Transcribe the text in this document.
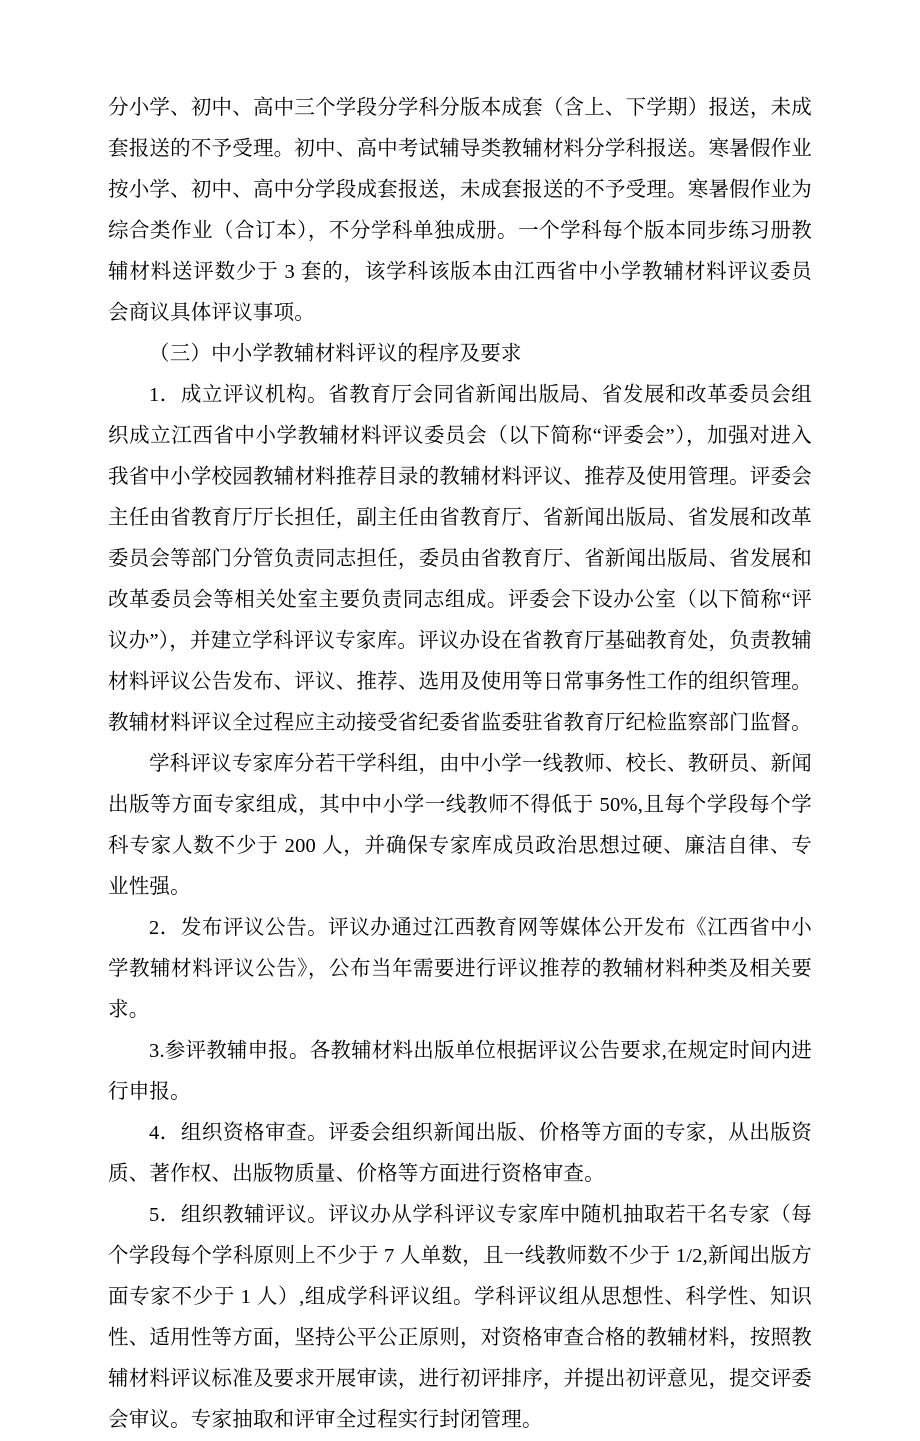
分小学、初中、高中三个学段分学科分版本成套（含上、下学期）报送，未成套报送的不予受理。初中、高中考试辅导类教辅材料分学科报送。寒暑假作业按小学、初中、高中分学段成套报送，未成套报送的不予受理。寒暑假作业为综合类作业（合订本），不分学科单独成册。一个学科每个版本同步练习册教辅材料送评数少于 3 套的，该学科该版本由江西省中小学教辅材料评议委员会商议具体评议事项。

（三）中小学教辅材料评议的程序及要求

1．成立评议机构。省教育厅会同省新闻出版局、省发展和改革委员会组织成立江西省中小学教辅材料评议委员会（以下简称“评委会”），加强对进入我省中小学校园教辅材料推荐目录的教辅材料评议、推荐及使用管理。评委会主任由省教育厅厅长担任，副主任由省教育厅、省新闻出版局、省发展和改革委员会等部门分管负责同志担任，委员由省教育厅、省新闻出版局、省发展和改革委员会等相关处室主要负责同志组成。评委会下设办公室（以下简称“评议办”），并建立学科评议专家库。评议办设在省教育厅基础教育处，负责教辅材料评议公告发布、评议、推荐、选用及使用等日常事务性工作的组织管理。教辅材料评议全过程应主动接受省纪委省监委驻省教育厅纪检监察部门监督。

学科评议专家库分若干学科组，由中小学一线教师、校长、教研员、新闻出版等方面专家组成，其中中小学一线教师不得低于 50%,且每个学段每个学科专家人数不少于 200 人，并确保专家库成员政治思想过硬、廉洁自律、专业性强。

2．发布评议公告。评议办通过江西教育网等媒体公开发布《江西省中小学教辅材料评议公告》，公布当年需要进行评议推荐的教辅材料种类及相关要求。

3.参评教辅申报。各教辅材料出版单位根据评议公告要求,在规定时间内进行申报。

4．组织资格审查。评委会组织新闻出版、价格等方面的专家，从出版资质、著作权、出版物质量、价格等方面进行资格审查。

5．组织教辅评议。评议办从学科评议专家库中随机抽取若干名专家（每个学段每个学科原则上不少于 7 人单数，且一线教师数不少于 1/2,新闻出版方面专家不少于 1 人）,组成学科评议组。学科评议组从思想性、科学性、知识性、适用性等方面，坚持公平公正原则，对资格审查合格的教辅材料，按照教辅材料评议标准及要求开展审读，进行初评排序，并提出初评意见，提交评委会审议。专家抽取和评审全过程实行封闭管理。
